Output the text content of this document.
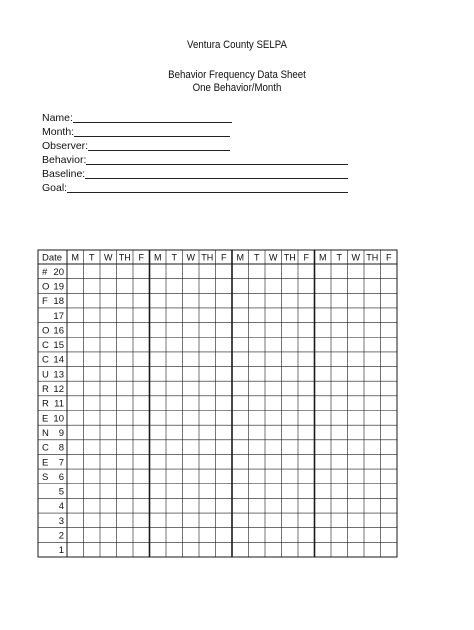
Ventura County SELPA
Behavior Frequency Data Sheet
One Behavior/Month
Name:
Month:
Observer:
Behavior:
Baseline:
Goal:
Date M T W TH F M T W TH F M T W TH F M T W TH F
# 20
O 19
F 18
17
O 16
C 15
C 14
U 13
R 12
R 11
E 10
N 9
C 8
E 7
S 6
5
4
3
2
1
